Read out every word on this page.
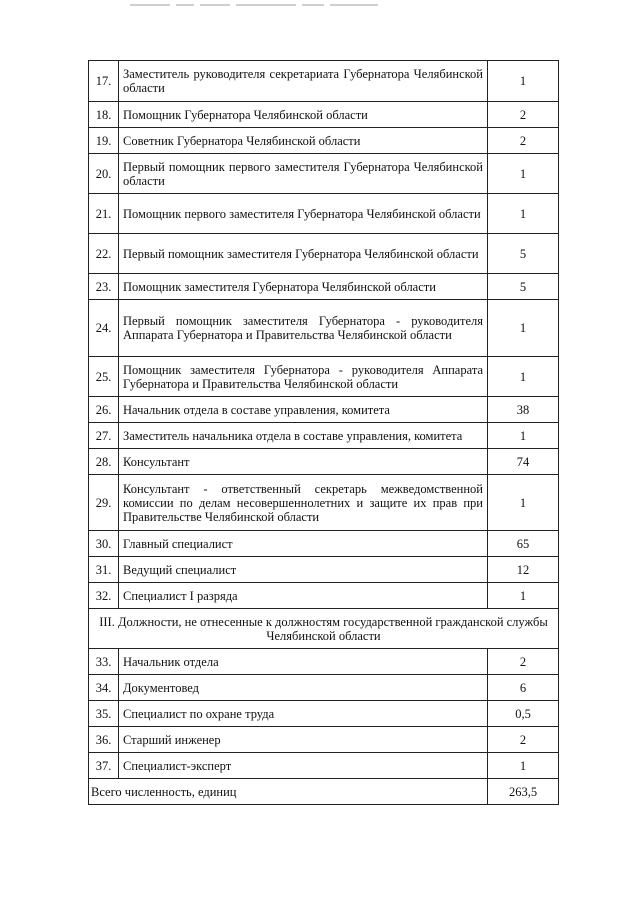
17.	Заместитель руководителя секретариата Губернатора Челябинской области	1
18.	Помощник Губернатора Челябинской области	2
19.	Советник Губернатора Челябинской области	2
20.	Первый помощник первого заместителя Губернатора Челябинской области	1
21.	Помощник первого заместителя Губернатора Челябинской области	1
22.	Первый помощник заместителя Губернатора Челябинской области	5
23.	Помощник заместителя Губернатора Челябинской области	5
24.	Первый помощник заместителя Губернатора - руководителя Аппарата Губернатора и Правительства Челябинской области	1
25.	Помощник заместителя Губернатора - руководителя Аппарата Губернатора и Правительства Челябинской области	1
26.	Начальник отдела в составе управления, комитета	38
27.	Заместитель начальника отдела в составе управления, комитета	1
28.	Консультант	74
29.	Консультант - ответственный секретарь межведомственной комиссии по делам несовершеннолетних и защите их прав при Правительстве Челябинской области	1
30.	Главный специалист	65
31.	Ведущий специалист	12
32.	Специалист I разряда	1
III. Должности, не отнесенные к должностям государственной гражданской службы Челябинской области		
33.	Начальник отдела	2
34.	Документовед	6
35.	Специалист по охране труда	0,5
36.	Старший инженер	2
37.	Специалист-эксперт	1
Всего численность, единиц		263,5
